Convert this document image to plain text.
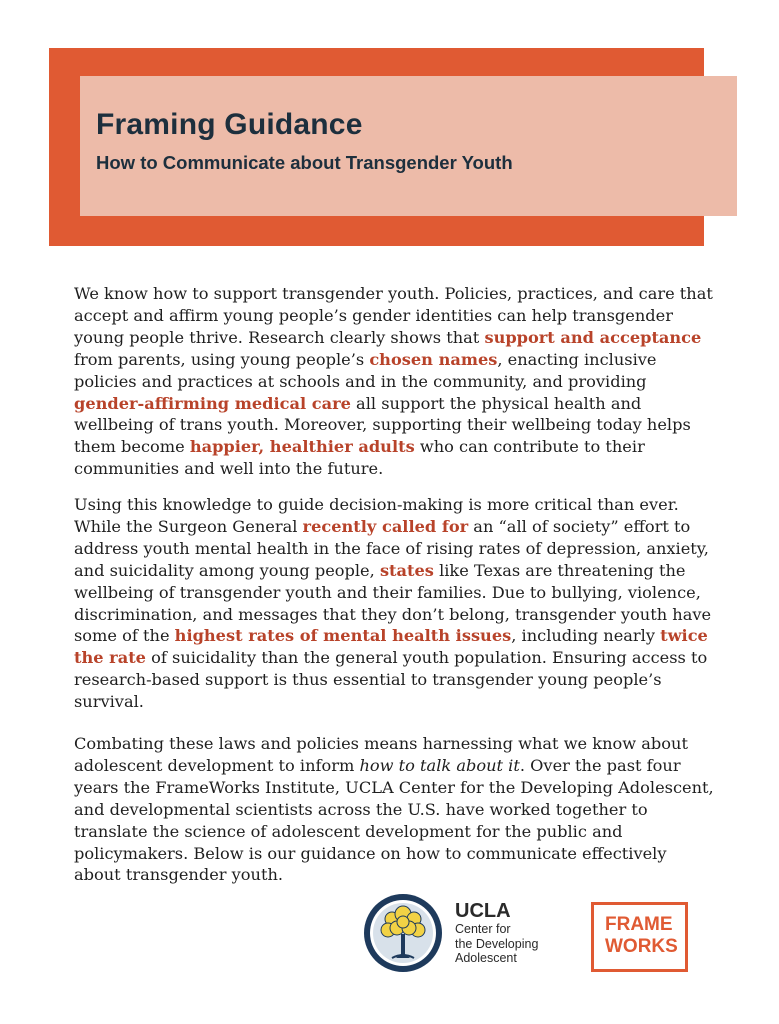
Framing Guidance
How to Communicate about Transgender Youth

We know how to support transgender youth. Policies, practices, and care that accept and affirm young people’s gender identities can help transgender young people thrive. Research clearly shows that support and acceptance from parents, using young people’s chosen names, enacting inclusive policies and practices at schools and in the community, and providing gender-affirming medical care all support the physical health and wellbeing of trans youth. Moreover, supporting their wellbeing today helps them become happier, healthier adults who can contribute to their communities and well into the future.

Using this knowledge to guide decision-making is more critical than ever. While the Surgeon General recently called for an “all of society” effort to address youth mental health in the face of rising rates of depression, anxiety, and suicidality among young people, states like Texas are threatening the wellbeing of transgender youth and their families. Due to bullying, violence, discrimination, and messages that they don’t belong, transgender youth have some of the highest rates of mental health issues, including nearly twice the rate of suicidality than the general youth population. Ensuring access to research-based support is thus essential to transgender young people’s survival.

Combating these laws and policies means harnessing what we know about adolescent development to inform how to talk about it. Over the past four years the FrameWorks Institute, UCLA Center for the Developing Adolescent, and developmental scientists across the U.S. have worked together to translate the science of adolescent development for the public and policymakers. Below is our guidance on how to communicate effectively about transgender youth.

UCLA
Center for
the Developing
Adolescent
FRAME
WORKS
